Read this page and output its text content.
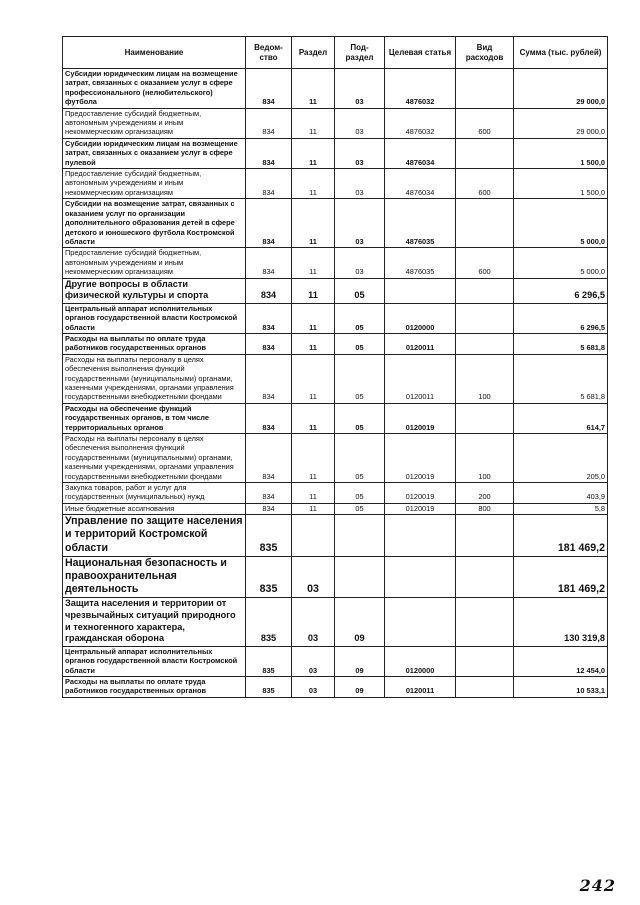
Наименование	Ведом-ство	Раздел	Под-раздел	Целевая статья	Вид расходов	Сумма (тыс. рублей)
Субсидии юридическим лицам на возмещение затрат, связанных с оказанием услуг в сфере профессионального (нелюбительского) футбола	834	11	03	4876032		29 000,0
Предоставление субсидий бюджетным, автономным учреждениям и иным некоммерческим организациям	834	11	03	4876032	600	29 000,0
Субсидии юридическим лицам на возмещение затрат, связанных с оказанием услуг в сфере пулевой	834	11	03	4876034		1 500,0
Предоставление субсидий бюджетным, автономным учреждениям и иным некоммерческим организациям	834	11	03	4876034	600	1 500,0
Субсидии на возмещение затрат, связанных с оказанием услуг по организации дополнительного образования детей в сфере детского и юношеского футбола Костромской области	834	11	03	4876035		5 000,0
Предоставление субсидий бюджетным, автономным учреждениям и иным некоммерческим организациям	834	11	03	4876035	600	5 000,0
Другие вопросы в области физической культуры и спорта	834	11	05			6 296,5
Центральный аппарат исполнительных органов государственной власти Костромской области	834	11	05	0120000		6 296,5
Расходы на выплаты по оплате труда работников государственных органов	834	11	05	0120011		5 681,8
Расходы на выплаты персоналу в целях обеспечения выполнения функций государственными (муниципальными) органами, казенными учреждениями, органами управления государственными внебюджетными фондами	834	11	05	0120011	100	5 681,8
Расходы на обеспечение функций государственных органов, в том числе территориальных органов	834	11	05	0120019		614,7
Расходы на выплаты персоналу в целях обеспечения выполнения функций государственными (муниципальными) органами, казенными учреждениями, органами управления государственными внебюджетными фондами	834	11	05	0120019	100	205,0
Закупка товаров, работ и услуг для государственных (муниципальных) нужд	834	11	05	0120019	200	403,9
Иные бюджетные ассигнования	834	11	05	0120019	800	5,8
Управление по защите населения и территорий Костромской области	835					181 469,2
Национальная безопасность и правоохранительная деятельность	835	03				181 469,2
Защита населения и территории от чрезвычайных ситуаций природного и техногенного характера, гражданская оборона	835	03	09			130 319,8
Центральный аппарат исполнительных органов государственной власти Костромской области	835	03	09	0120000		12 454,0
Расходы на выплаты по оплате труда работников государственных органов	835	03	09	0120011		10 533,1
242
